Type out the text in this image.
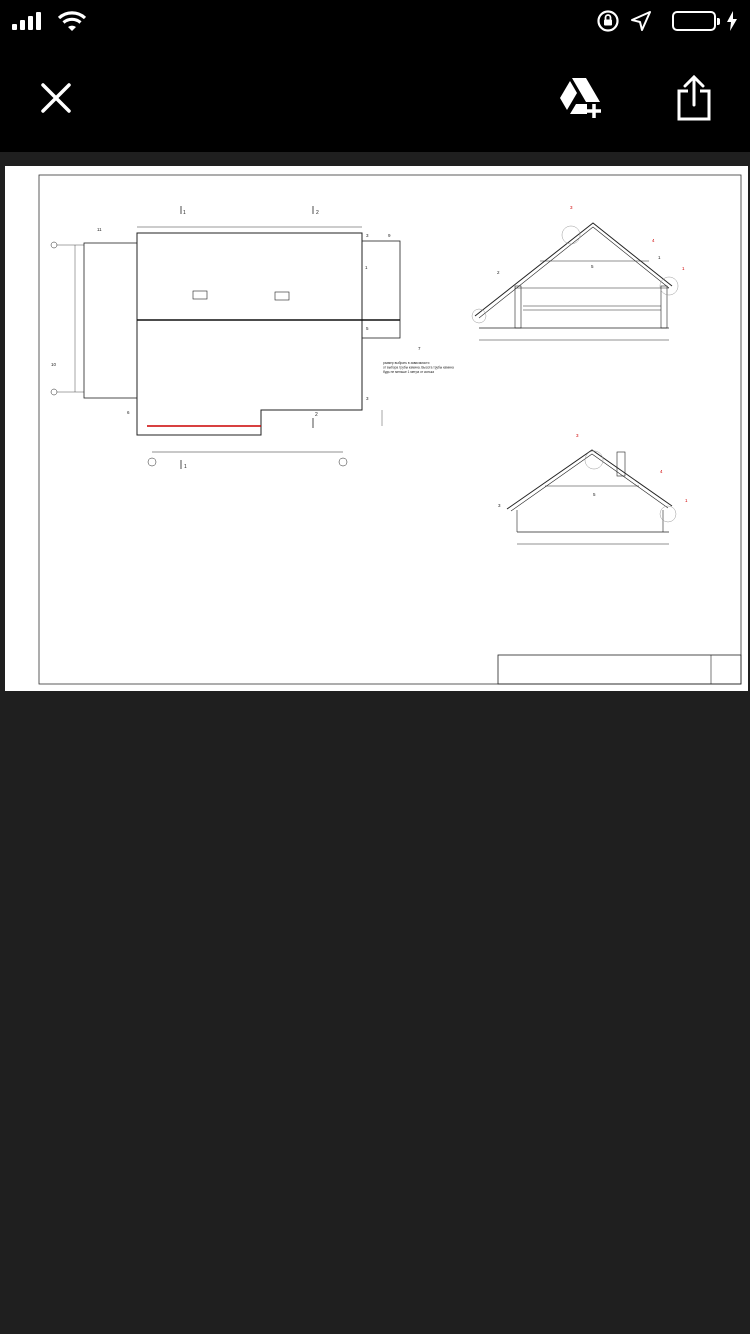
1	2
10
11
6
1
3	9
1
5
3
7
2
размер выбрать в зависимости от выбора трубы камина. Высота трубы камина будь не меньше 1 метра от конька
5
3
4
1
2
1
5
3
4
1
3
